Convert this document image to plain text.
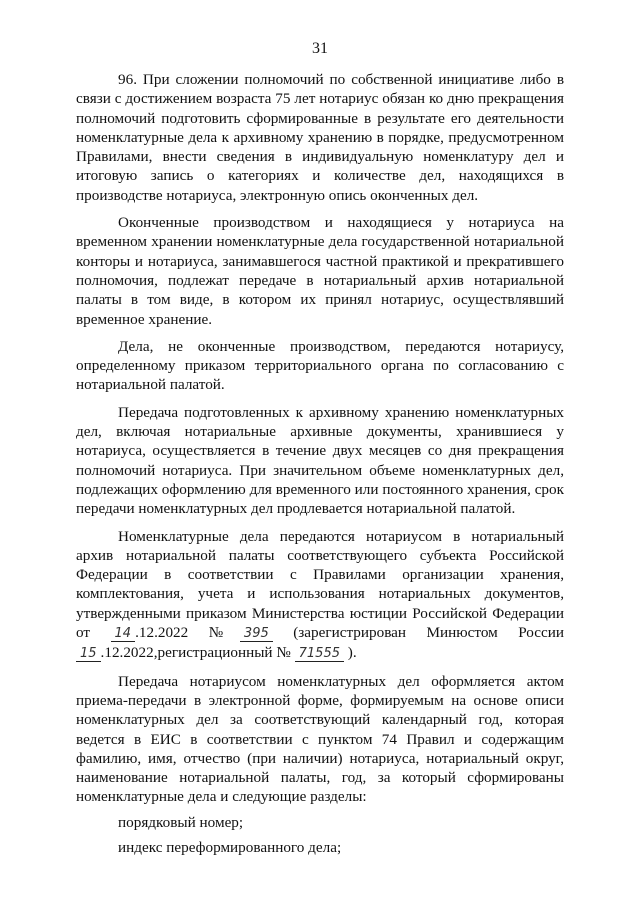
31

96. При сложении полномочий по собственной инициативе либо в связи с достижением возраста 75 лет нотариус обязан ко дню прекращения полномочий подготовить сформированные в результате его деятельности номенклатурные дела к архивному хранению в порядке, предусмотренном Правилами, внести сведения в индивидуальную номенклатуру дел и итоговую запись о категориях и количестве дел, находящихся в производстве нотариуса, электронную опись оконченных дел.

Оконченные производством и находящиеся у нотариуса на временном хранении номенклатурные дела государственной нотариальной конторы и нотариуса, занимавшегося частной практикой и прекратившего полномочия, подлежат передаче в нотариальный архив нотариальной палаты в том виде, в котором их принял нотариус, осуществлявший временное хранение.

Дела, не оконченные производством, передаются нотариусу, определенному приказом территориального органа по согласованию с нотариальной палатой.

Передача подготовленных к архивному хранению номенклатурных дел, включая нотариальные архивные документы, хранившиеся у нотариуса, осуществляется в течение двух месяцев со дня прекращения полномочий нотариуса. При значительном объеме номенклатурных дел, подлежащих оформлению для временного или постоянного хранения, срок передачи номенклатурных дел продлевается нотариальной палатой.

Номенклатурные дела передаются нотариусом в нотариальный архив нотариальной палаты соответствующего субъекта Российской Федерации в соответствии с Правилами организации хранения, комплектования, учета и использования нотариальных документов, утвержденными приказом Министерства юстиции Российской Федерации от 14 .12.2022 № 395 (зарегистрирован Минюстом России 15 .12.2022,регистрационный № 71555 ).

Передача нотариусом номенклатурных дел оформляется актом приема-передачи в электронной форме, формируемым на основе описи номенклатурных дел за соответствующий календарный год, которая ведется в ЕИС в соответствии с пунктом 74 Правил и содержащим фамилию, имя, отчество (при наличии) нотариуса, нотариальный округ, наименование нотариальной палаты, год, за который сформированы номенклатурные дела и следующие разделы:

порядковый номер;

индекс переформированного дела;
